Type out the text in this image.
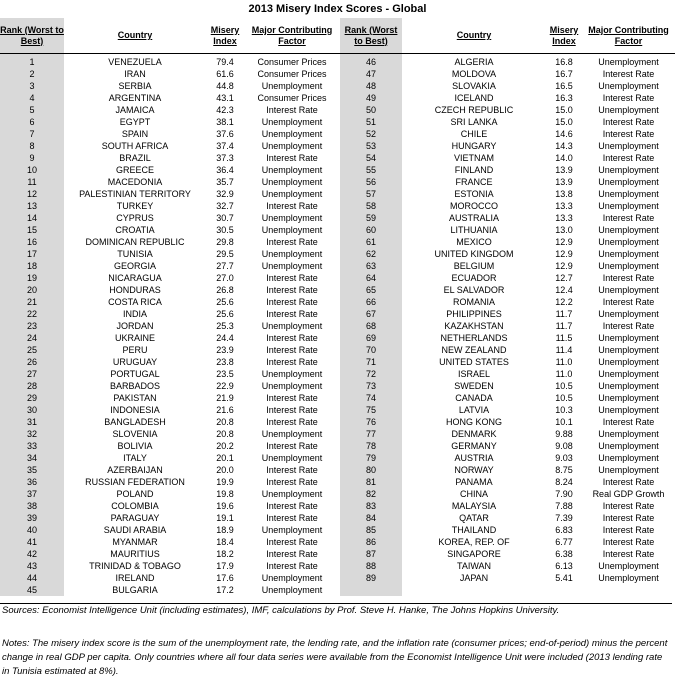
2013 Misery Index Scores - Global
Rank (Worst to Best)	Country	Misery Index	Major Contributing Factor	Rank (Worst to Best)	Country	Misery Index	Major Contributing Factor
1	VENEZUELA	79.4	Consumer Prices	46	ALGERIA	16.8	Unemployment
2	IRAN	61.6	Consumer Prices	47	MOLDOVA	16.7	Interest Rate
3	SERBIA	44.8	Unemployment	48	SLOVAKIA	16.5	Unemployment
4	ARGENTINA	43.1	Consumer Prices	49	ICELAND	16.3	Interest Rate
5	JAMAICA	42.3	Interest Rate	50	CZECH REPUBLIC	15.0	Unemployment
6	EGYPT	38.1	Unemployment	51	SRI LANKA	15.0	Interest Rate
7	SPAIN	37.6	Unemployment	52	CHILE	14.6	Interest Rate
8	SOUTH AFRICA	37.4	Unemployment	53	HUNGARY	14.3	Unemployment
9	BRAZIL	37.3	Interest Rate	54	VIETNAM	14.0	Interest Rate
10	GREECE	36.4	Unemployment	55	FINLAND	13.9	Unemployment
11	MACEDONIA	35.7	Unemployment	56	FRANCE	13.9	Unemployment
12	PALESTINIAN TERRITORY	32.9	Unemployment	57	ESTONIA	13.8	Unemployment
13	TURKEY	32.7	Interest Rate	58	MOROCCO	13.3	Unemployment
14	CYPRUS	30.7	Unemployment	59	AUSTRALIA	13.3	Interest Rate
15	CROATIA	30.5	Unemployment	60	LITHUANIA	13.0	Unemployment
16	DOMINICAN REPUBLIC	29.8	Interest Rate	61	MEXICO	12.9	Unemployment
17	TUNISIA	29.5	Unemployment	62	UNITED KINGDOM	12.9	Unemployment
18	GEORGIA	27.7	Unemployment	63	BELGIUM	12.9	Unemployment
19	NICARAGUA	27.0	Interest Rate	64	ECUADOR	12.7	Interest Rate
20	HONDURAS	26.8	Interest Rate	65	EL SALVADOR	12.4	Unemployment
21	COSTA RICA	25.6	Interest Rate	66	ROMANIA	12.2	Interest Rate
22	INDIA	25.6	Interest Rate	67	PHILIPPINES	11.7	Unemployment
23	JORDAN	25.3	Unemployment	68	KAZAKHSTAN	11.7	Interest Rate
24	UKRAINE	24.4	Interest Rate	69	NETHERLANDS	11.5	Unemployment
25	PERU	23.9	Interest Rate	70	NEW ZEALAND	11.4	Unemployment
26	URUGUAY	23.8	Interest Rate	71	UNITED STATES	11.0	Unemployment
27	PORTUGAL	23.5	Unemployment	72	ISRAEL	11.0	Unemployment
28	BARBADOS	22.9	Unemployment	73	SWEDEN	10.5	Unemployment
29	PAKISTAN	21.9	Interest Rate	74	CANADA	10.5	Unemployment
30	INDONESIA	21.6	Interest Rate	75	LATVIA	10.3	Unemployment
31	BANGLADESH	20.8	Interest Rate	76	HONG KONG	10.1	Interest Rate
32	SLOVENIA	20.8	Unemployment	77	DENMARK	9.88	Unemployment
33	BOLIVIA	20.2	Interest Rate	78	GERMANY	9.08	Unemployment
34	ITALY	20.1	Unemployment	79	AUSTRIA	9.03	Unemployment
35	AZERBAIJAN	20.0	Interest Rate	80	NORWAY	8.75	Unemployment
36	RUSSIAN FEDERATION	19.9	Interest Rate	81	PANAMA	8.24	Interest Rate
37	POLAND	19.8	Unemployment	82	CHINA	7.90	Real GDP Growth
38	COLOMBIA	19.6	Interest Rate	83	MALAYSIA	7.88	Interest Rate
39	PARAGUAY	19.1	Interest Rate	84	QATAR	7.39	Interest Rate
40	SAUDI ARABIA	18.9	Unemployment	85	THAILAND	6.83	Interest Rate
41	MYANMAR	18.4	Interest Rate	86	KOREA, REP. OF	6.77	Interest Rate
42	MAURITIUS	18.2	Interest Rate	87	SINGAPORE	6.38	Interest Rate
43	TRINIDAD & TOBAGO	17.9	Interest Rate	88	TAIWAN	6.13	Unemployment
44	IRELAND	17.6	Unemployment	89	JAPAN	5.41	Unemployment
45	BULGARIA	17.2	Unemployment				
Sources: Economist Intelligence Unit (including estimates), IMF, calculations by Prof. Steve H. Hanke, The Johns Hopkins University.
Notes: The misery index score is the sum of the unemployment rate, the lending rate, and the inflation rate (consumer prices; end-of-period) minus the percent change in real GDP per capita. Only countries where all four data series were available from the Economist Intelligence Unit were included (2013 lending rate in Tunisia estimated at 8%).
